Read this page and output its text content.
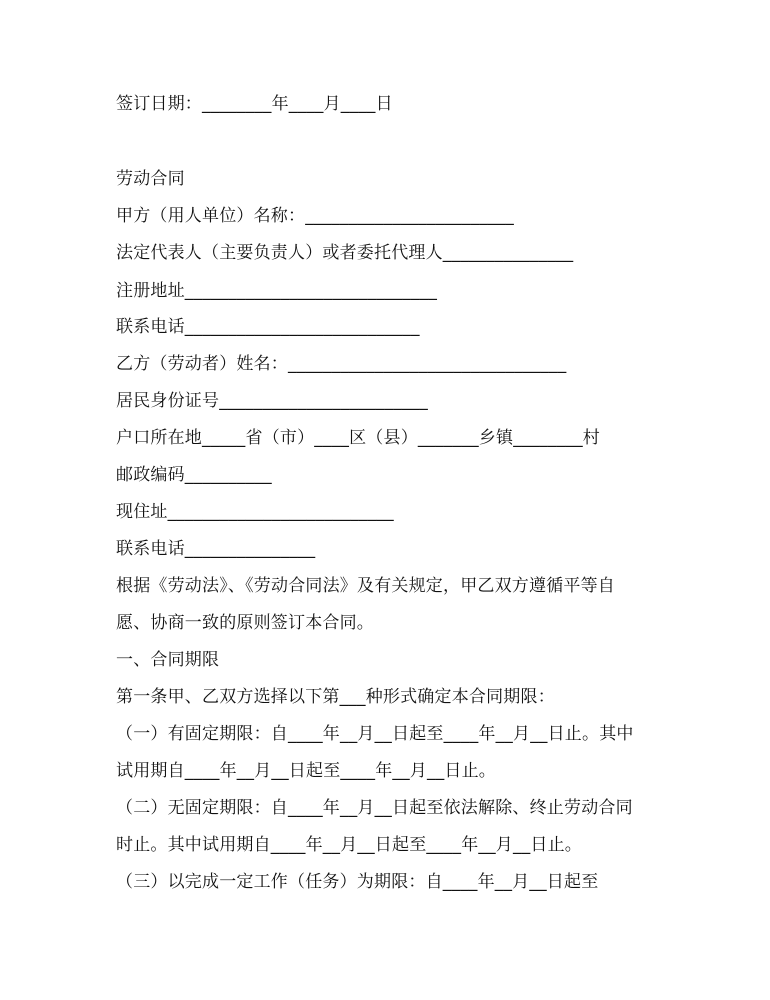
签订日期：________年____月____日
劳动合同
甲方（用人单位）名称：________________________
法定代表人（主要负责人）或者委托代理人_______________
注册地址_____________________________
联系电话___________________________
乙方（劳动者）姓名：________________________________
居民身份证号________________________
户口所在地_____省（市）____区（县）_______乡镇________村
邮政编码__________
现住址__________________________
联系电话_______________
根据《劳动法》、《劳动合同法》及有关规定，甲乙双方遵循平等自
愿、协商一致的原则签订本合同。
一、合同期限
第一条甲、乙双方选择以下第___种形式确定本合同期限：
（一）有固定期限：自____年__月__日起至____年__月__日止。其中
试用期自____年__月__日起至____年__月__日止。
（二）无固定期限：自____年__月__日起至依法解除、终止劳动合同
时止。其中试用期自____年__月__日起至____年__月__日止。
（三）以完成一定工作（任务）为期限：自____年__月__日起至
